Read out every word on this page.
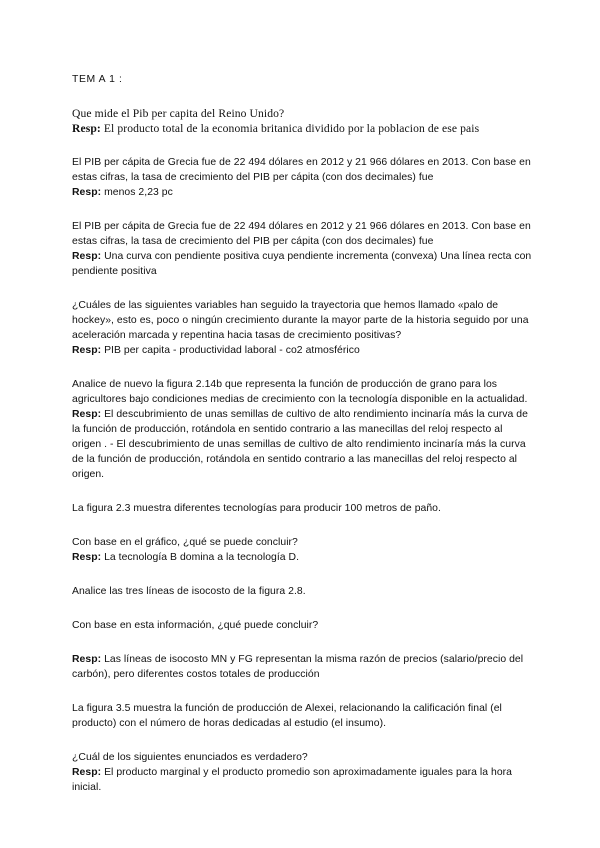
TEM A 1 :

Que mide el Pib per capita del Reino Unido?

Resp: El producto total de la economia britanica dividido por la poblacion de ese pais

El PIB per cápita de Grecia fue de 22 494 dólares en 2012 y 21 966 dólares en 2013. Con base en estas cifras, la tasa de crecimiento del PIB per cápita (con dos decimales) fue

Resp: menos 2,23 pc

El PIB per cápita de Grecia fue de 22 494 dólares en 2012 y 21 966 dólares en 2013. Con base en estas cifras, la tasa de crecimiento del PIB per cápita (con dos decimales) fue

Resp: Una curva con pendiente positiva cuya pendiente incrementa (convexa) Una línea recta con pendiente positiva

¿Cuáles de las siguientes variables han seguido la trayectoria que hemos llamado «palo de hockey», esto es, poco o ningún crecimiento durante la mayor parte de la historia seguido por una aceleración marcada y repentina hacia tasas de crecimiento positivas?

Resp: PIB per capita - productividad laboral - co2 atmosférico

Analice de nuevo la figura 2.14b que representa la función de producción de grano para los agricultores bajo condiciones medias de crecimiento con la tecnología disponible en la actualidad.

Resp: El descubrimiento de unas semillas de cultivo de alto rendimiento incinaría más la curva de la función de producción, rotándola en sentido contrario a las manecillas del reloj respecto al origen . - El descubrimiento de unas semillas de cultivo de alto rendimiento incinaría más la curva de la función de producción, rotándola en sentido contrario a las manecillas del reloj respecto al origen.

La figura 2.3 muestra diferentes tecnologías para producir 100 metros de paño.

Con base en el gráfico, ¿qué se puede concluir?

Resp: La tecnología B domina a la tecnología D.

Analice las tres líneas de isocosto de la figura 2.8.

Con base en esta información, ¿qué puede concluir?

Resp: Las líneas de isocosto MN y FG representan la misma razón de precios (salario/precio del carbón), pero diferentes costos totales de producción

La figura 3.5 muestra la función de producción de Alexei, relacionando la calificación final (el producto) con el número de horas dedicadas al estudio (el insumo).

¿Cuál de los siguientes enunciados es verdadero?

Resp: El producto marginal y el producto promedio son aproximadamente iguales para la hora inicial.
